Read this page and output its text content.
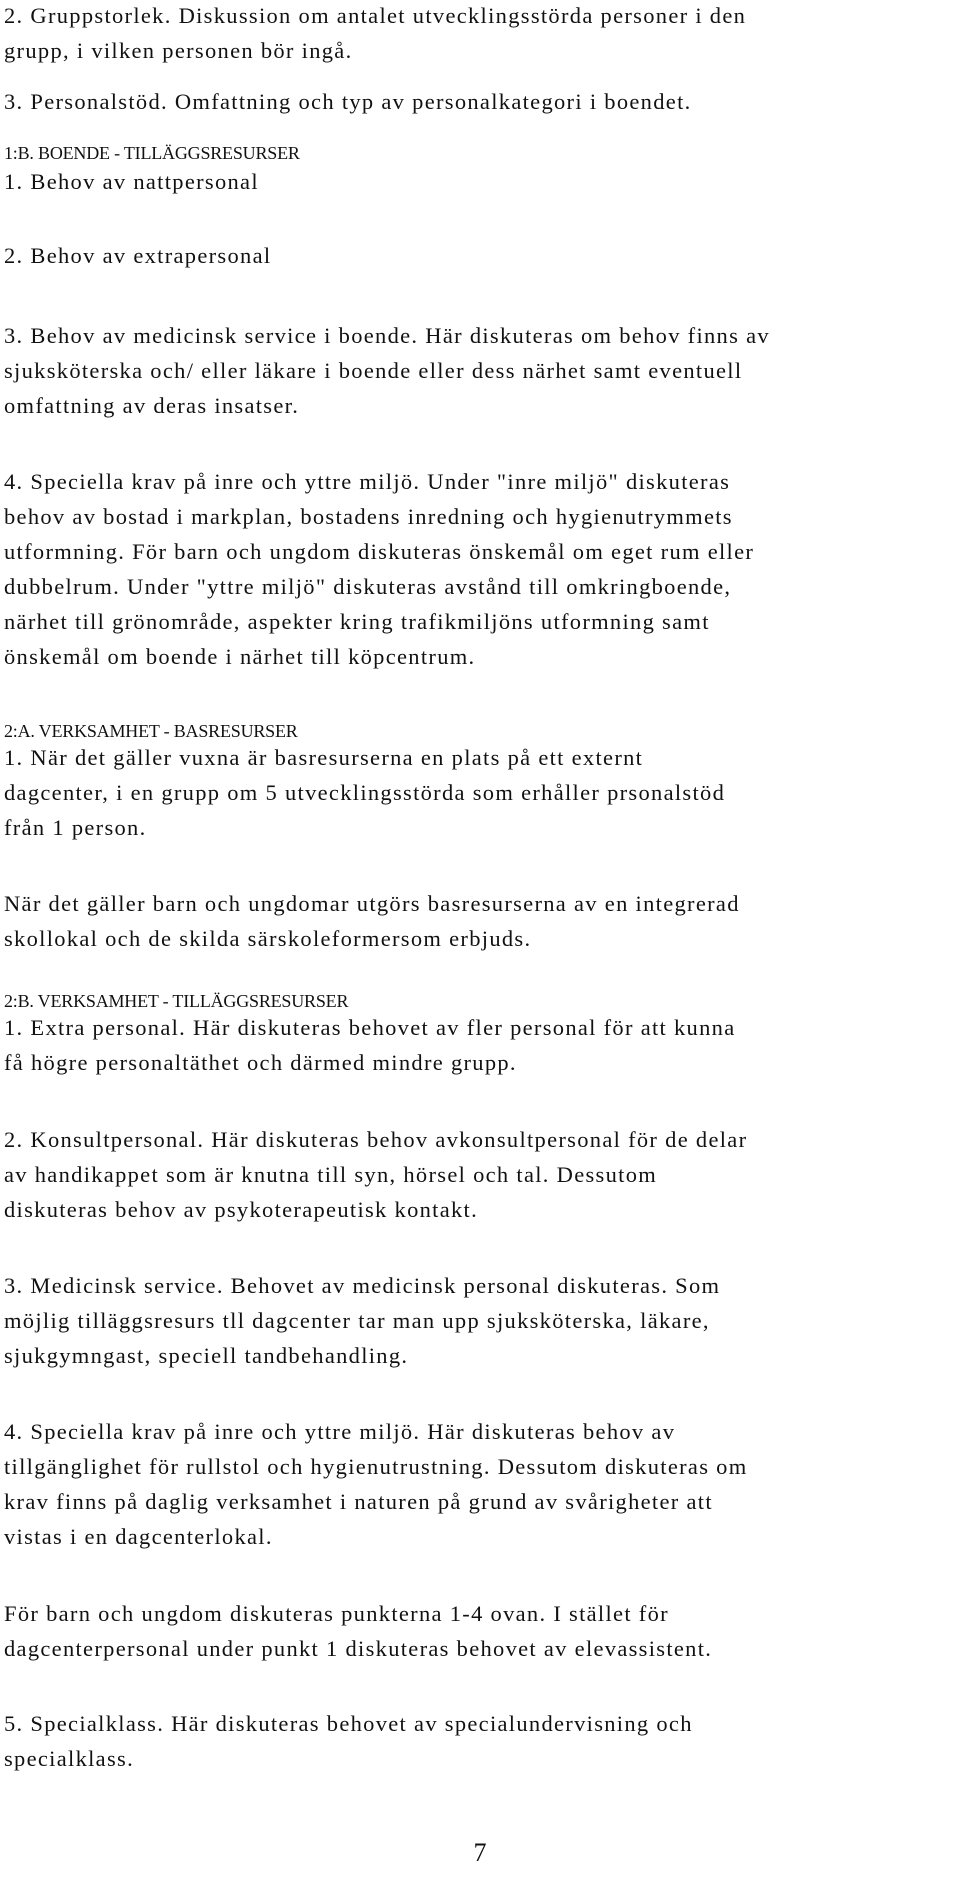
2. Gruppstorlek. Diskussion om antalet utvecklingsstörda personer i den
grupp, i vilken personen bör ingå.
3. Personalstöd. Omfattning och typ av personalkategori i boendet.
1:B. BOENDE - TILLÄGGSRESURSER
1. Behov av nattpersonal
2. Behov av extrapersonal
3. Behov av medicinsk service i boende. Här diskuteras om behov finns av
sjuksköterska och/ eller läkare i boende eller dess närhet samt eventuell
omfattning av deras insatser.
4. Speciella krav på inre och yttre miljö. Under "inre miljö" diskuteras
behov av bostad i markplan, bostadens inredning och hygienutrymmets
utformning. För barn och ungdom diskuteras önskemål om eget rum eller
dubbelrum. Under "yttre miljö" diskuteras avstånd till omkringboende,
närhet till grönområde, aspekter kring trafikmiljöns utformning samt
önskemål om boende i närhet till köpcentrum.
2:A. VERKSAMHET - BASRESURSER
1. När det gäller vuxna är basresurserna en plats på ett externt
dagcenter, i en grupp om 5 utvecklingsstörda som erhåller prsonalstöd
från 1 person.
När det gäller barn och ungdomar utgörs basresurserna av en integrerad
skollokal och de skilda särskoleformersom erbjuds.
2:B. VERKSAMHET - TILLÄGGSRESURSER
1. Extra personal. Här diskuteras behovet av fler personal för att kunna
få högre personaltäthet och därmed mindre grupp.
2. Konsultpersonal. Här diskuteras behov avkonsultpersonal för de delar
av handikappet som är knutna till syn, hörsel och tal. Dessutom
diskuteras behov av psykoterapeutisk kontakt.
3. Medicinsk service. Behovet av medicinsk personal diskuteras. Som
möjlig tilläggsresurs tll dagcenter tar man upp sjuksköterska, läkare,
sjukgymngast, speciell tandbehandling.
4. Speciella krav på inre och yttre miljö. Här diskuteras behov av
tillgänglighet för rullstol och hygienutrustning. Dessutom diskuteras om
krav finns på daglig verksamhet i naturen på grund av svårigheter att
vistas i en dagcenterlokal.
För barn och ungdom diskuteras punkterna 1-4 ovan. I stället för
dagcenterpersonal under punkt 1 diskuteras behovet av elevassistent.
5. Specialklass. Här diskuteras behovet av specialundervisning och
specialklass.
7
